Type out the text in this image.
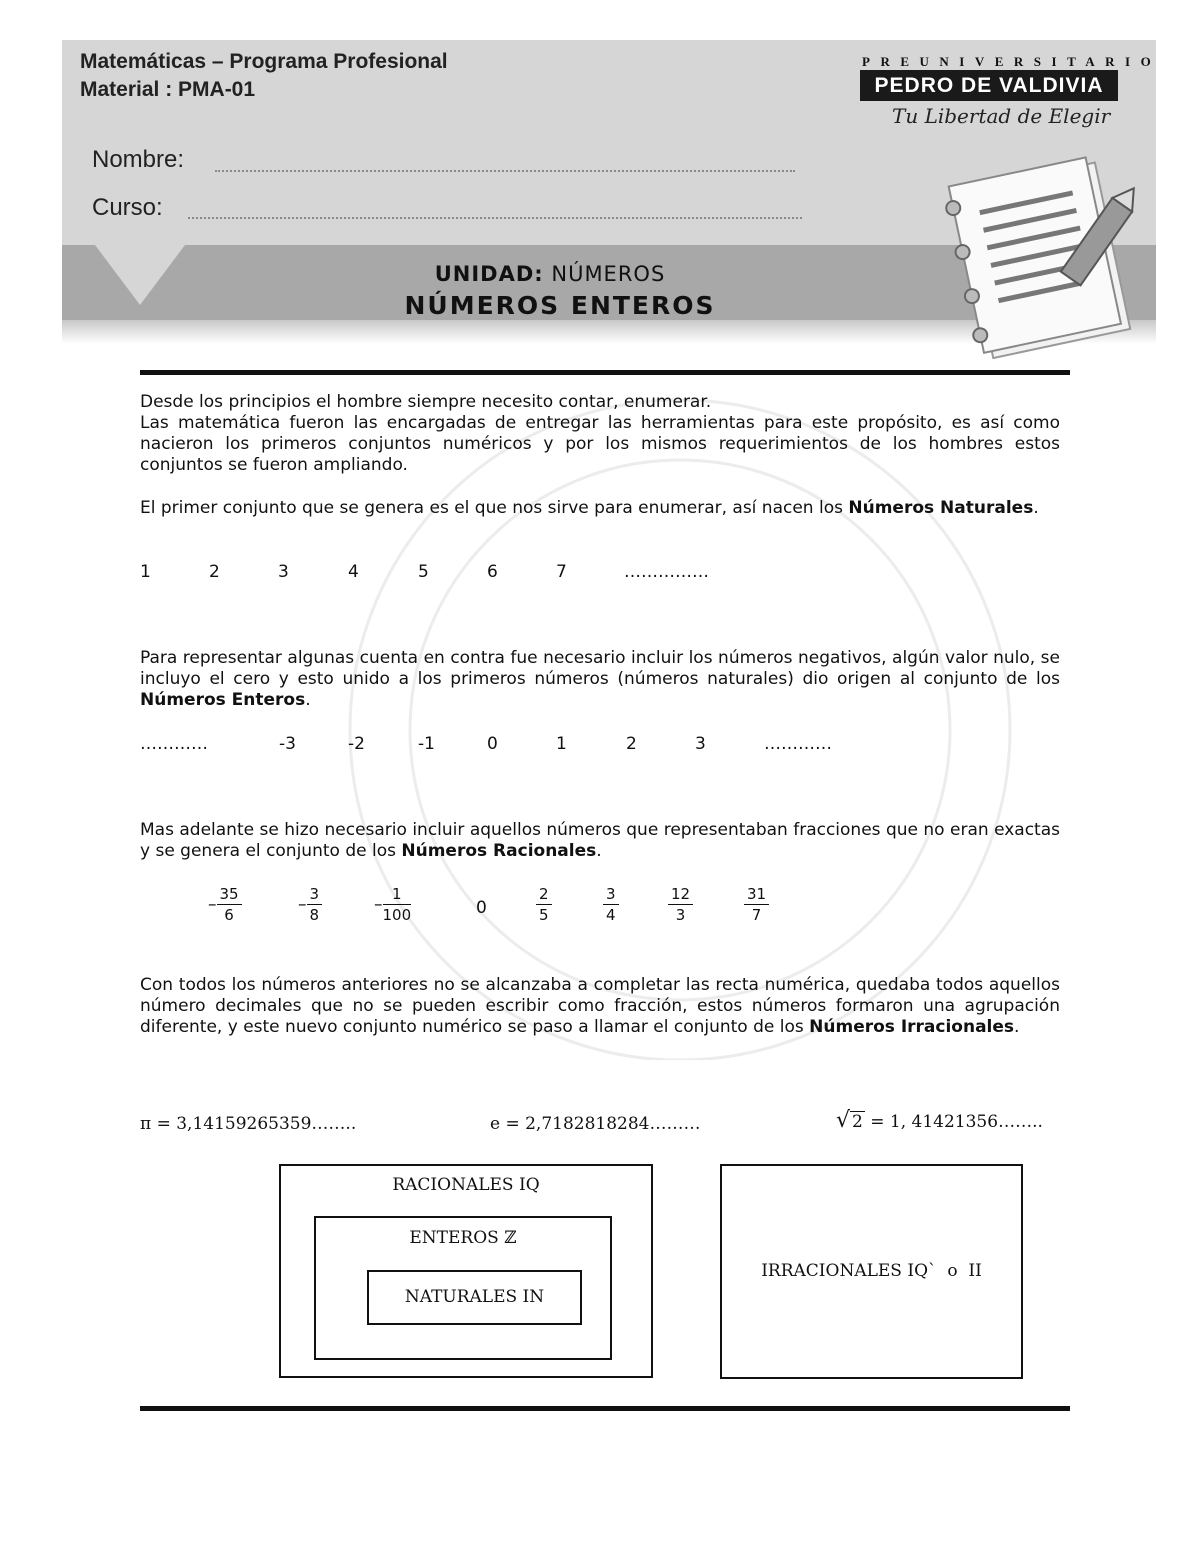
Matemáticas – Programa Profesional
Material : PMA-01
Nombre:
Curso:
UNIDAD: NÚMEROS
NÚMEROS ENTEROS
PREUNIVERSITARIO
PEDRO DE VALDIVIA
Tu Libertad de Elegir
Desde los principios el hombre siempre necesito contar, enumerar.
Las matemática fueron las encargadas de entregar las herramientas para este propósito, es así como nacieron los primeros conjuntos numéricos y por los mismos requerimientos de los hombres estos conjuntos se fueron ampliando.
El primer conjunto que se genera es el que nos sirve para enumerar, así nacen los Números Naturales.
1	2	3	4	5	6	7	……………
Para representar algunas cuenta en contra fue necesario incluir los números negativos, algún valor nulo, se incluyo el cero y esto unido a los primeros números (números naturales) dio origen al conjunto de los Números Enteros.
…………	-3	-2	-1	0	1	2	3	…………
Mas adelante se hizo necesario incluir aquellos números que representaban fracciones que no eran exactas y se genera el conjunto de los Números Racionales.
– $\frac{35}{6}$	– $\frac{3}{8}$	– $\frac{1}{100}$	0	$\frac{2}{5}$	$\frac{3}{4}$	$\frac{12}{3}$	$\frac{31}{7}$
Con todos los números anteriores no se alcanzaba a completar las recta numérica, quedaba todos aquellos número decimales que no se pueden escribir como fracción, estos números formaron una agrupación diferente, y este nuevo conjunto numérico se paso a llamar el conjunto de los Números Irracionales.
π = 3,14159265359……..	e = 2,7182818284………	√ 2 = 1, 41421356……..
RACIONALES IQ
ENTEROS ℤ
NATURALES IN
IRRACIONALES IQ`  o  II
